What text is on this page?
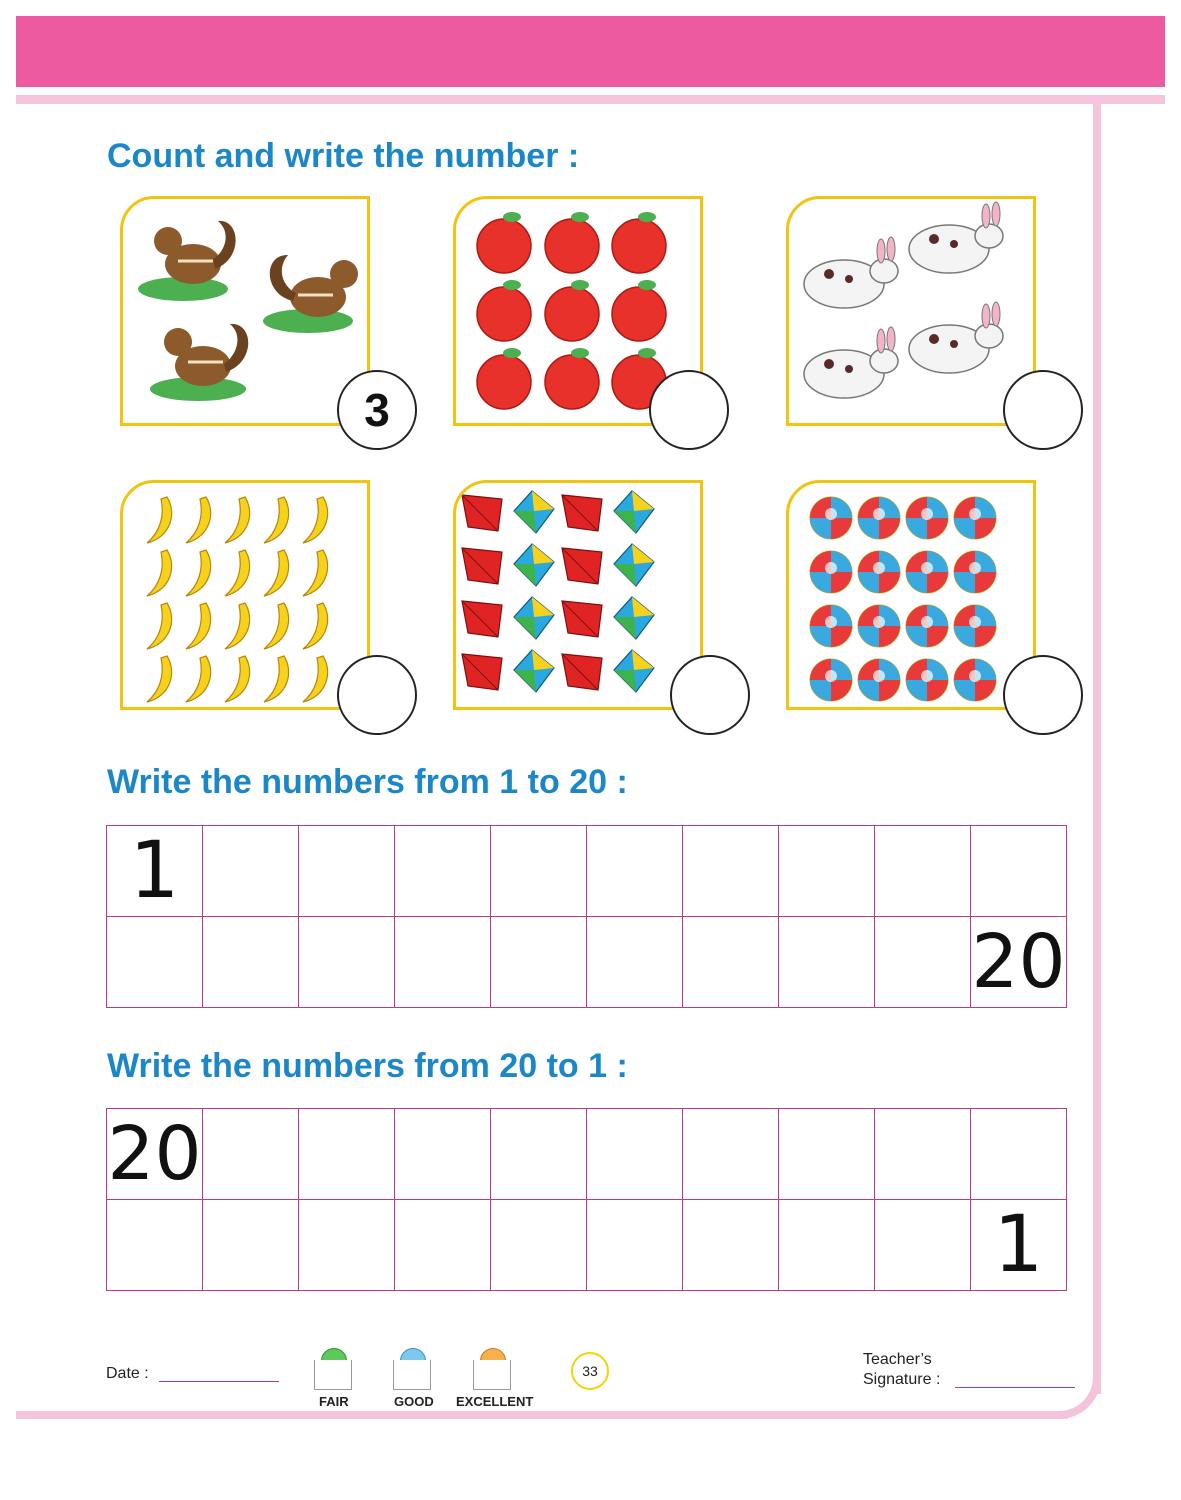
Count and write the number :
3
Write the numbers from 1 to 20 :
1									
									20
Write the numbers from 20 to 1 :
20									
									1
Date :
FAIR	GOOD EXCELLENT
33
Teacher’s
Signature :
